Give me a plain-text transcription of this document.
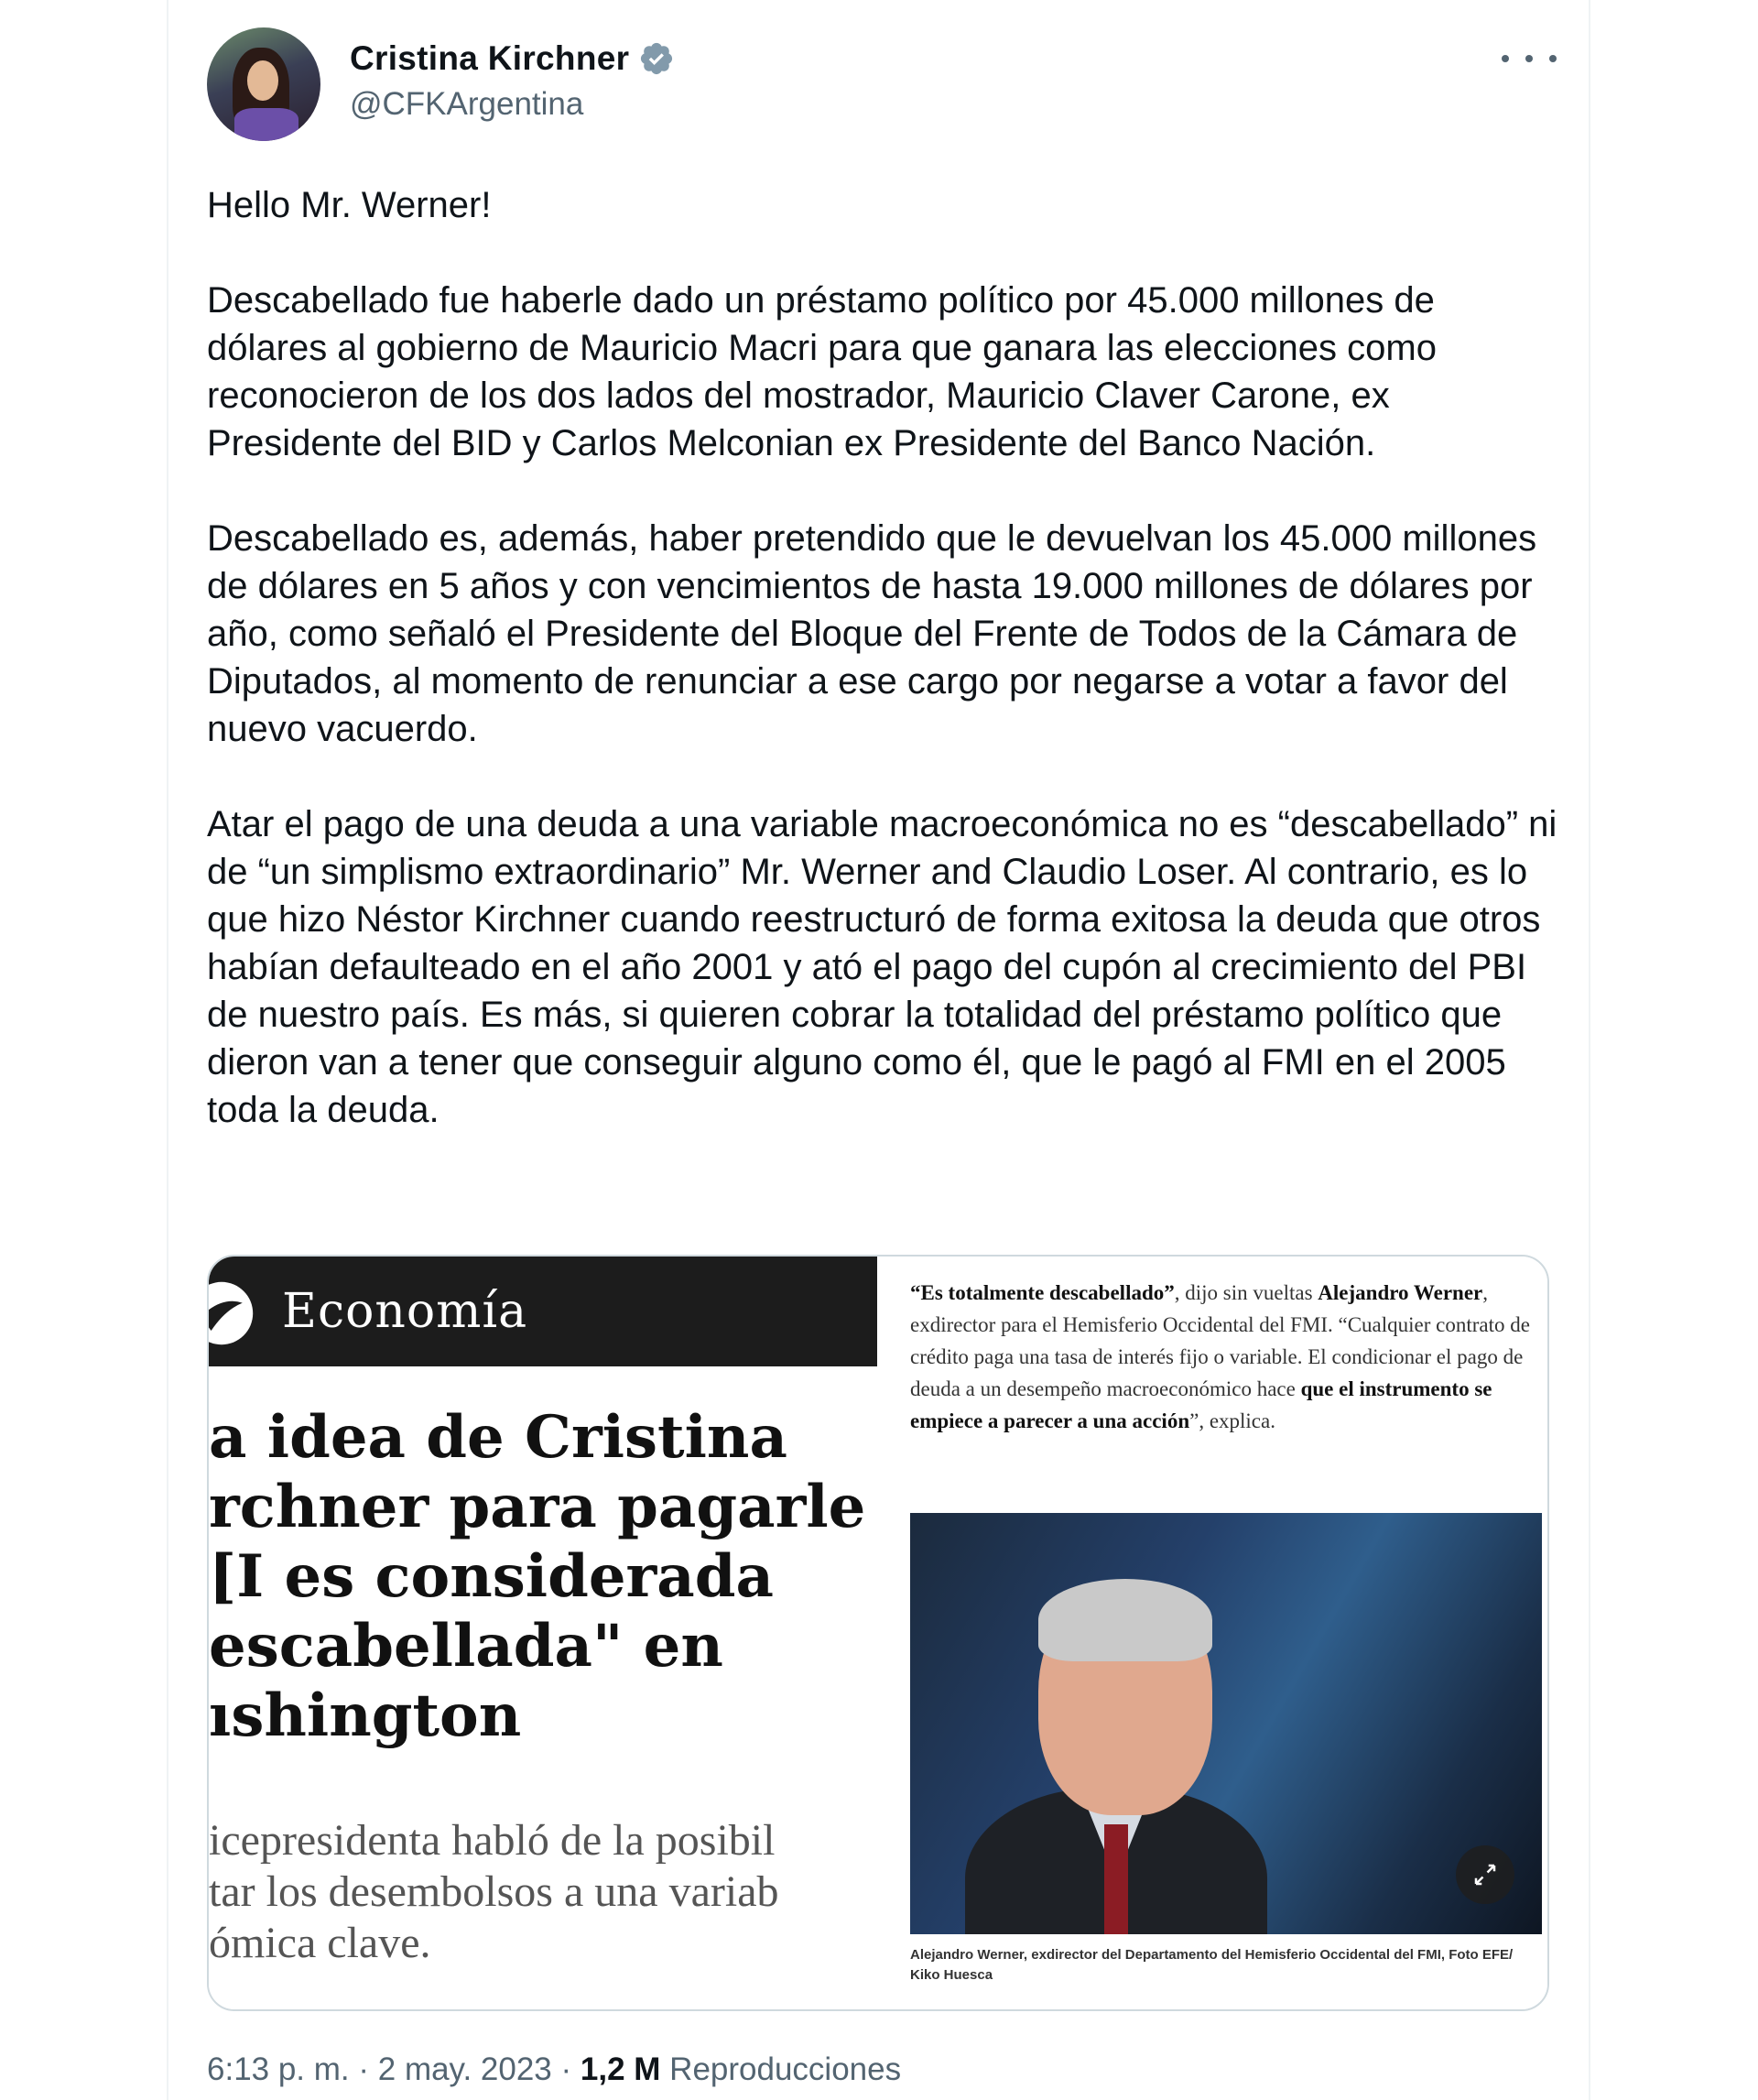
Cristina Kirchner
@CFKArgentina

Hello Mr. Werner!

Descabellado fue haberle dado un préstamo político por 45.000 millones de dólares al gobierno de Mauricio Macri para que ganara las elecciones como reconocieron de los dos lados del mostrador, Mauricio Claver Carone, ex Presidente del BID y Carlos Melconian ex Presidente del Banco Nación.

Descabellado es, además, haber pretendido que le devuelvan los 45.000 millones de dólares en 5 años y con vencimientos de hasta 19.000 millones de dólares por año, como señaló el Presidente del Bloque del Frente de Todos de la Cámara de Diputados, al momento de renunciar a ese cargo por negarse a votar a favor del nuevo vacuerdo.

Atar el pago de una deuda a una variable macroeconómica no es “descabellado” ni de “un simplismo extraordinario” Mr. Werner and Claudio Loser. Al contrario, es lo que hizo Néstor Kirchner cuando reestructuró de forma exitosa la deuda que otros habían defaulteado en el año 2001 y ató el pago del cupón al crecimiento del PBI de nuestro país. Es más, si quieren cobrar la totalidad del préstamo político que dieron van a tener que conseguir alguno como él, que le pagó al FMI en el 2005 toda la deuda.

Economía
a idea de Cristina
rchner para pagarle
[I es considerada
escabellada" en
ıshington
icepresidenta habló de la posibil
tar los desembolsos a una variab
ómica clave.
“Es totalmente descabellado”, dijo sin vueltas Alejandro Werner, exdirector para el Hemisferio Occidental del FMI. “Cualquier contrato de crédito paga una tasa de interés fijo o variable. El condicionar el pago de deuda a un desempeño macroeconómico hace que el instrumento se empiece a parecer a una acción”, explica.
Alejandro Werner, exdirector del Departamento del Hemisferio Occidental del FMI, Foto EFE/ Kiko Huesca
6:13 p. m. · 2 may. 2023 · 1,2 M Reproducciones
